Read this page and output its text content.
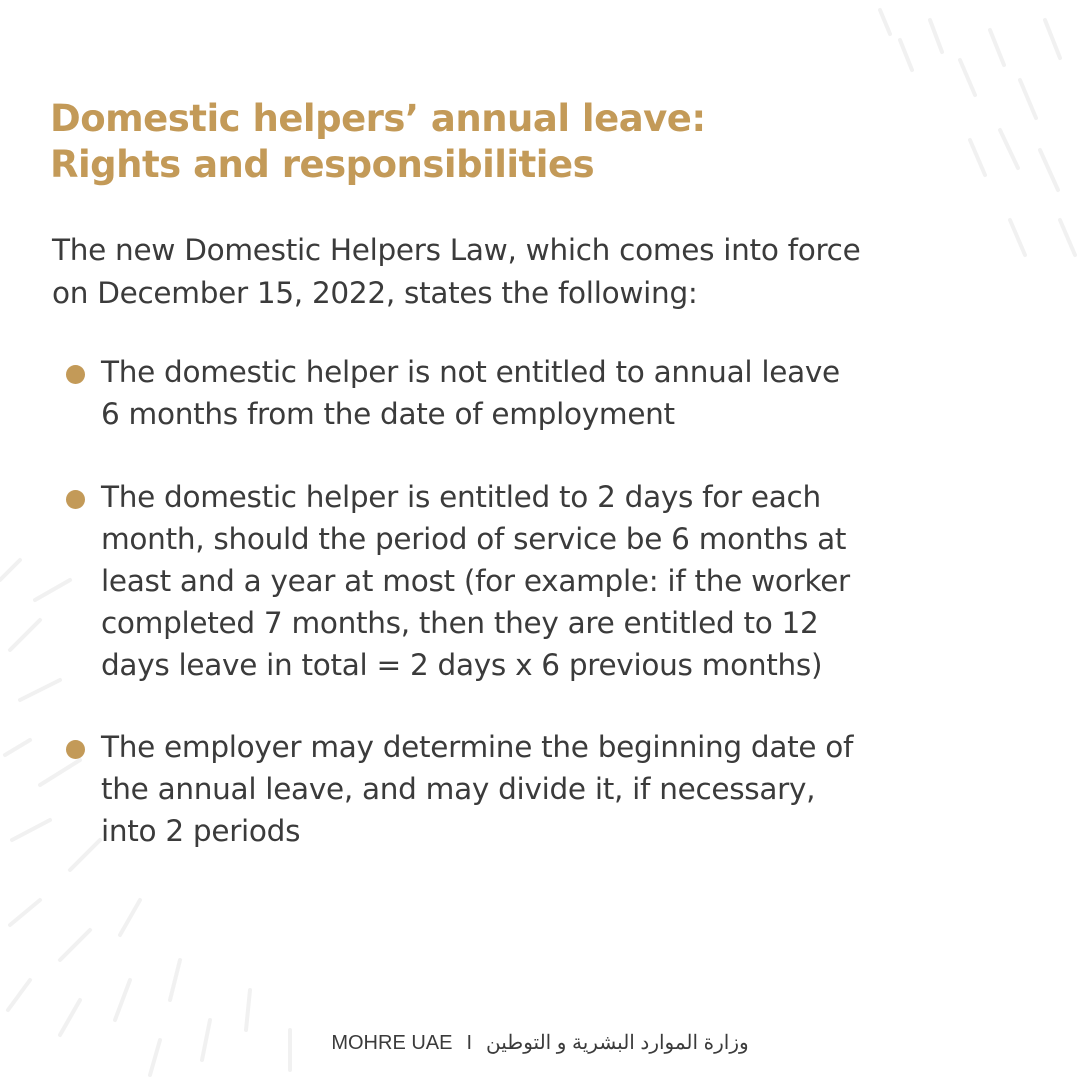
Domestic helpers’ annual leave:
Rights and responsibilities
The new Domestic Helpers Law, which comes into force
on December 15, 2022, states the following:
The domestic helper is not entitled to annual leave
6 months from the date of employment
The domestic helper is entitled to 2 days for each
month, should the period of service be 6 months at
least and a year at most (for example: if the worker
completed 7 months, then they are entitled to 12
days leave in total = 2 days x 6 previous months)
The employer may determine the beginning date of
the annual leave, and may divide it, if necessary,
into 2 periods
MOHRE UAE I وزارة الموارد البشرية و التوطين
